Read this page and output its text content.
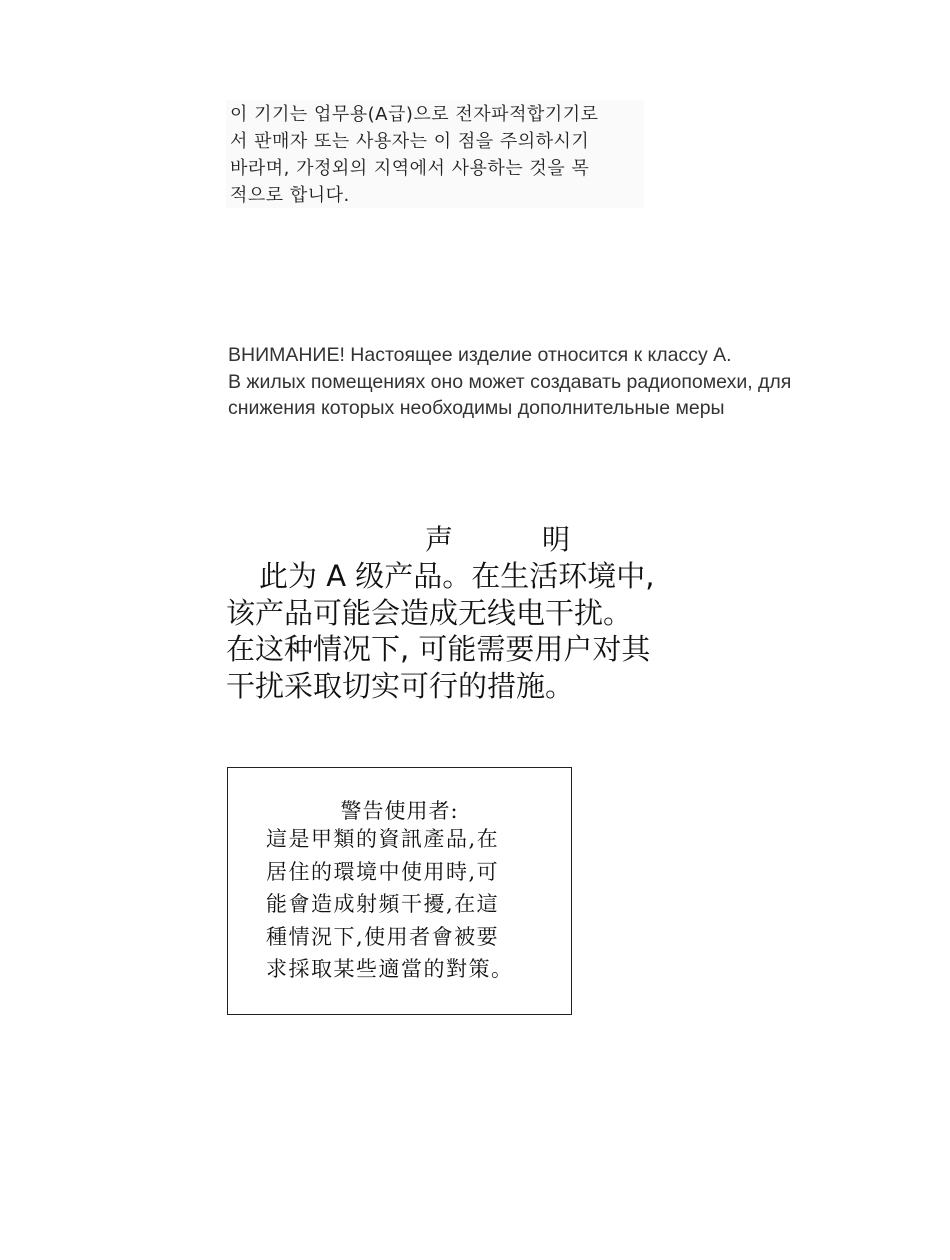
이 기기는 업무용(A급)으로 전자파적합기기로
서 판매자 또는 사용자는 이 점을 주의하시기
바라며, 가정외의 지역에서 사용하는 것을 목
적으로 합니다.
ВНИМАНИЕ! Настоящее изделие относится к классу А.
В жилых помещениях оно может создавать радиопомехи, для
снижения которых необходимы дополнительные меры
声	明
此为 A 级产品。在生活环境中,
该产品可能会造成无线电干扰。
在这种情况下, 可能需要用户对其
干扰采取切实可行的措施。
警告使用者:
這是甲類的資訊產品,在
居住的環境中使用時,可
能會造成射頻干擾,在這
種情況下,使用者會被要
求採取某些適當的對策。
